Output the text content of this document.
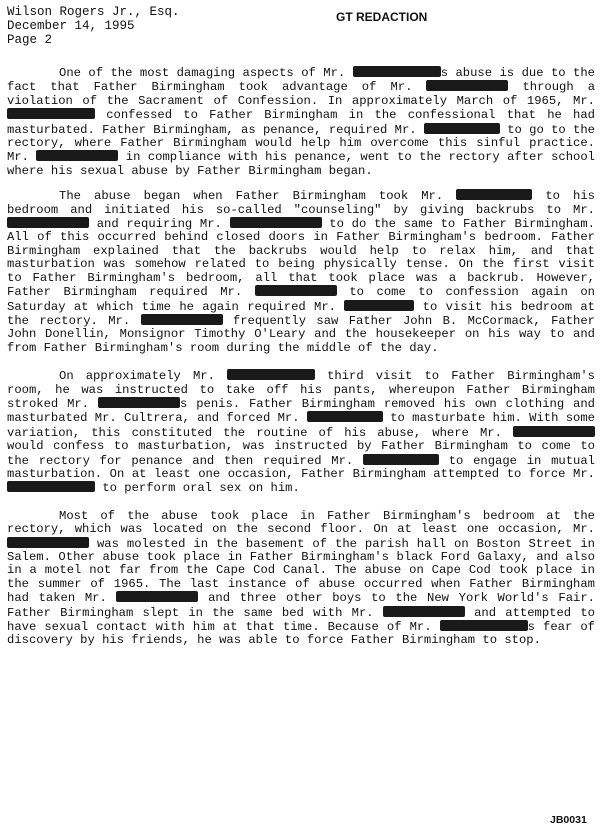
Wilson Rogers Jr., Esq.
December 14, 1995
Page 2
GT REDACTION

One of the most damaging aspects of Mr.	s abuse is due to the fact that Father Birmingham took advantage of Mr.	through a violation of the Sacrament of Confession. In approximately March of 1965, Mr.  confessed to Father Birmingham in the confessional that he had masturbated. Father Birmingham, as penance, required Mr.	to go to the rectory, where Father Birmingham would help him overcome this sinful practice. Mr.	in compliance with his penance, went to the rectory after school where his sexual abuse by Father Birmingham began.

The abuse began when Father Birmingham took Mr.	to his bedroom and initiated his so-called "counseling" by giving backrubs to Mr.  and requiring Mr.	to do the same to Father Birmingham. All of this occurred behind closed doors in Father Birmingham's bedroom. Father Birmingham explained that the backrubs would help to relax him, and that masturbation was somehow related to being physically tense. On the first visit to Father Birmingham's bedroom, all that took place was a backrub. However, Father Birmingham required Mr.	to come to confession again on Saturday at which time he again required Mr.	to visit his bedroom at the rectory. Mr.	frequently saw Father John B. McCormack, Father John Donellin, Monsignor Timothy O'Leary and the housekeeper on his way to and from Father Birmingham's room during the middle of the day.

On approximately Mr.	third visit to Father Birmingham's room, he was instructed to take off his pants, whereupon Father Birmingham stroked Mr.	s penis. Father Birmingham removed his own clothing and masturbated Mr. Cultrera, and forced Mr.	to masturbate him. With some variation, this constituted the routine of his abuse, where Mr.  would confess to masturbation, was instructed by Father Birmingham to come to the rectory for penance and then required Mr.	to engage in mutual masturbation. On at least one occasion, Father Birmingham attempted to force Mr.  to perform oral sex on him.

Most of the abuse took place in Father Birmingham's bedroom at the rectory, which was located on the second floor. On at least one occasion, Mr.  was molested in the basement of the parish hall on Boston Street in Salem. Other abuse took place in Father Birmingham's black Ford Galaxy, and also in a motel not far from the Cape Cod Canal. The abuse on Cape Cod took place in the summer of 1965. The last instance of abuse occurred when Father Birmingham had taken Mr.	and three other boys to the New York World's Fair. Father Birmingham slept in the same bed with Mr.	and attempted to have sexual contact with him at that time. Because of Mr.	s fear of discovery by his friends, he was able to force Father Birmingham to stop.

JB0031
